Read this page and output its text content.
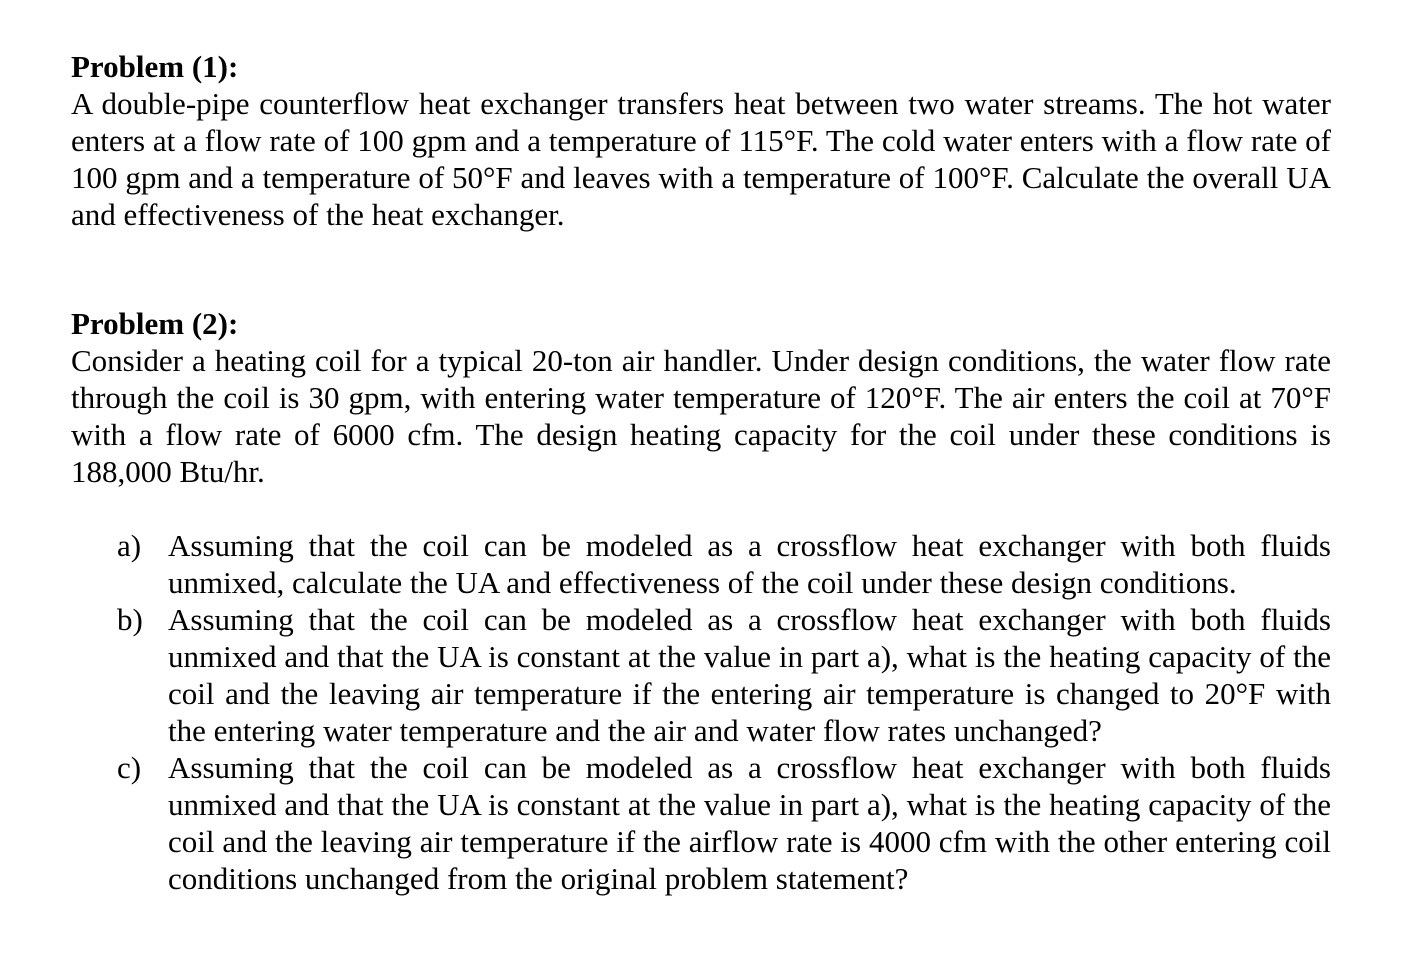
Problem (1):

A double-pipe counterflow heat exchanger transfers heat between two water streams. The hot water enters at a flow rate of 100 gpm and a temperature of 115°F. The cold water enters with a flow rate of 100 gpm and a temperature of 50°F and leaves with a temperature of 100°F. Calculate the overall UA and effectiveness of the heat exchanger.

Problem (2):

Consider a heating coil for a typical 20-ton air handler. Under design conditions, the water flow rate through the coil is 30 gpm, with entering water temperature of 120°F. The air enters the coil at 70°F with a flow rate of 6000 cfm. The design heating capacity for the coil under these conditions is 188,000 Btu/hr.

a) Assuming that the coil can be modeled as a crossflow heat exchanger with both fluids unmixed, calculate the UA and effectiveness of the coil under these design conditions.
b) Assuming that the coil can be modeled as a crossflow heat exchanger with both fluids unmixed and that the UA is constant at the value in part a), what is the heating capacity of the coil and the leaving air temperature if the entering air temperature is changed to 20°F with the entering water temperature and the air and water flow rates unchanged?
c) Assuming that the coil can be modeled as a crossflow heat exchanger with both fluids unmixed and that the UA is constant at the value in part a), what is the heating capacity of the coil and the leaving air temperature if the airflow rate is 4000 cfm with the other entering coil conditions unchanged from the original problem statement?
